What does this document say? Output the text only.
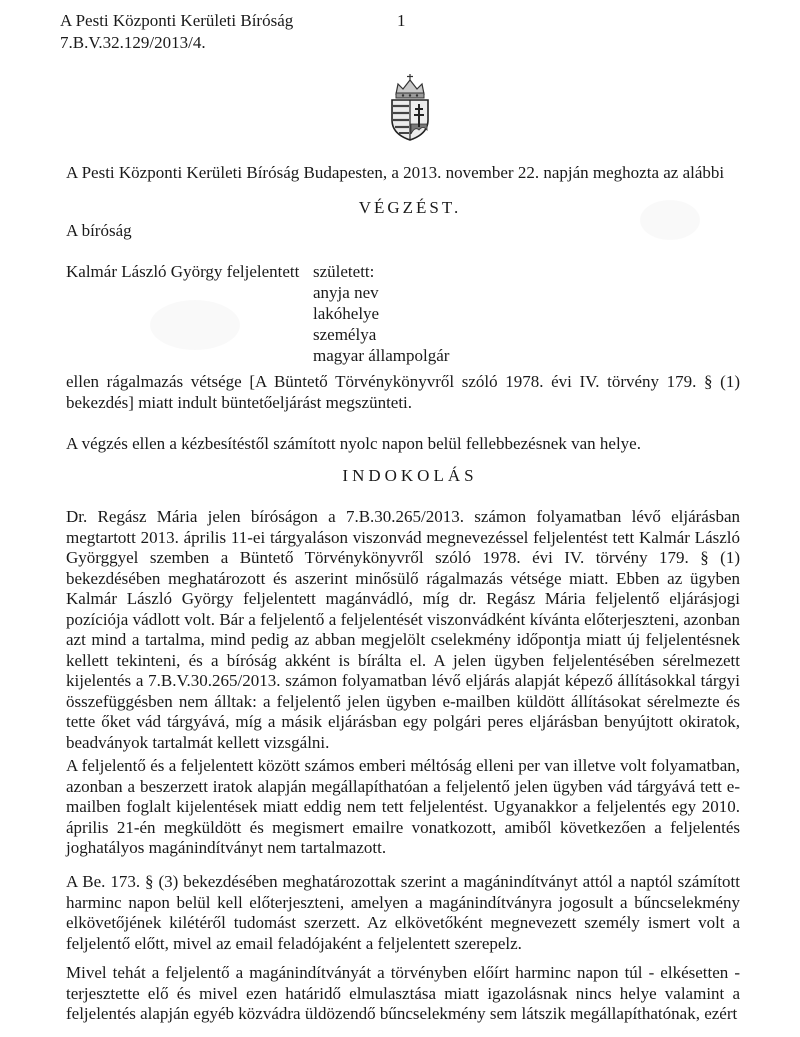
A Pesti Központi Kerületi Bíróság
7.B.V.32.129/2013/4.
1
A Pesti Központi Kerületi Bíróság Budapesten, a 2013. november 22. napján meghozta az alábbi
VÉGZÉST.
A bíróság
Kalmár László György feljelentett született:
anyja nev
lakóhelye
személya
magyar állampolgár
ellen rágalmazás vétsége [A Büntető Törvénykönyvről szóló 1978. évi IV. törvény 179. § (1) bekezdés] miatt indult büntetőeljárást megszünteti.
A végzés ellen a kézbesítéstől számított nyolc napon belül fellebbezésnek van helye.
INDOKOLÁS

Dr. Regász Mária jelen bíróságon a 7.B.30.265/2013. számon folyamatban lévő eljárásban megtartott 2013. április 11-ei tárgyaláson viszonvád megnevezéssel feljelentést tett Kalmár László Györggyel szemben a Büntető Törvénykönyvről szóló 1978. évi IV. törvény 179. § (1) bekezdésében meghatározott és aszerint minősülő rágalmazás vétsége miatt. Ebben az ügyben Kalmár László György feljelentett magánvádló, míg dr. Regász Mária feljelentő eljárásjogi pozíciója vádlott volt. Bár a feljelentő a feljelentését viszonvádként kívánta előterjeszteni, azonban azt mind a tartalma, mind pedig az abban megjelölt cselekmény időpontja miatt új feljelentésnek kellett tekinteni, és a bíróság akként is bírálta el. A jelen ügyben feljelentésében sérelmezett kijelentés a 7.B.V.30.265/2013. számon folyamatban lévő eljárás alapját képező állításokkal tárgyi összefüggésben nem álltak: a feljelentő jelen ügyben e-mailben küldött állításokat sérelmezte és tette őket vád tárgyává, míg a másik eljárásban egy polgári peres eljárásban benyújtott okiratok, beadványok tartalmát kellett vizsgálni.

A feljelentő és a feljelentett között számos emberi méltóság elleni per van illetve volt folyamatban, azonban a beszerzett iratok alapján megállapíthatóan a feljelentő jelen ügyben vád tárgyává tett e-mailben foglalt kijelentések miatt eddig nem tett feljelentést. Ugyanakkor a feljelentés egy 2010. április 21-én megküldött és megismert emailre vonatkozott, amiből következően a feljelentés joghatályos magánindítványt nem tartalmazott.

A Be. 173. § (3) bekezdésében meghatározottak szerint a magánindítványt attól a naptól számított harminc napon belül kell előterjeszteni, amelyen a magánindítványra jogosult a bűncselekmény elkövetőjének kilétéről tudomást szerzett. Az elkövetőként megnevezett személy ismert volt a feljelentő előtt, mivel az email feladójaként a feljelentett szerepelz.

Mivel tehát a feljelentő a magánindítványát a törvényben előírt harminc napon túl - elkésetten - terjesztette elő és mivel ezen határidő elmulasztása miatt igazolásnak nincs helye valamint a feljelentés alapján egyéb közvádra üldözendő bűncselekmény sem látszik megállapíthatónak, ezért
